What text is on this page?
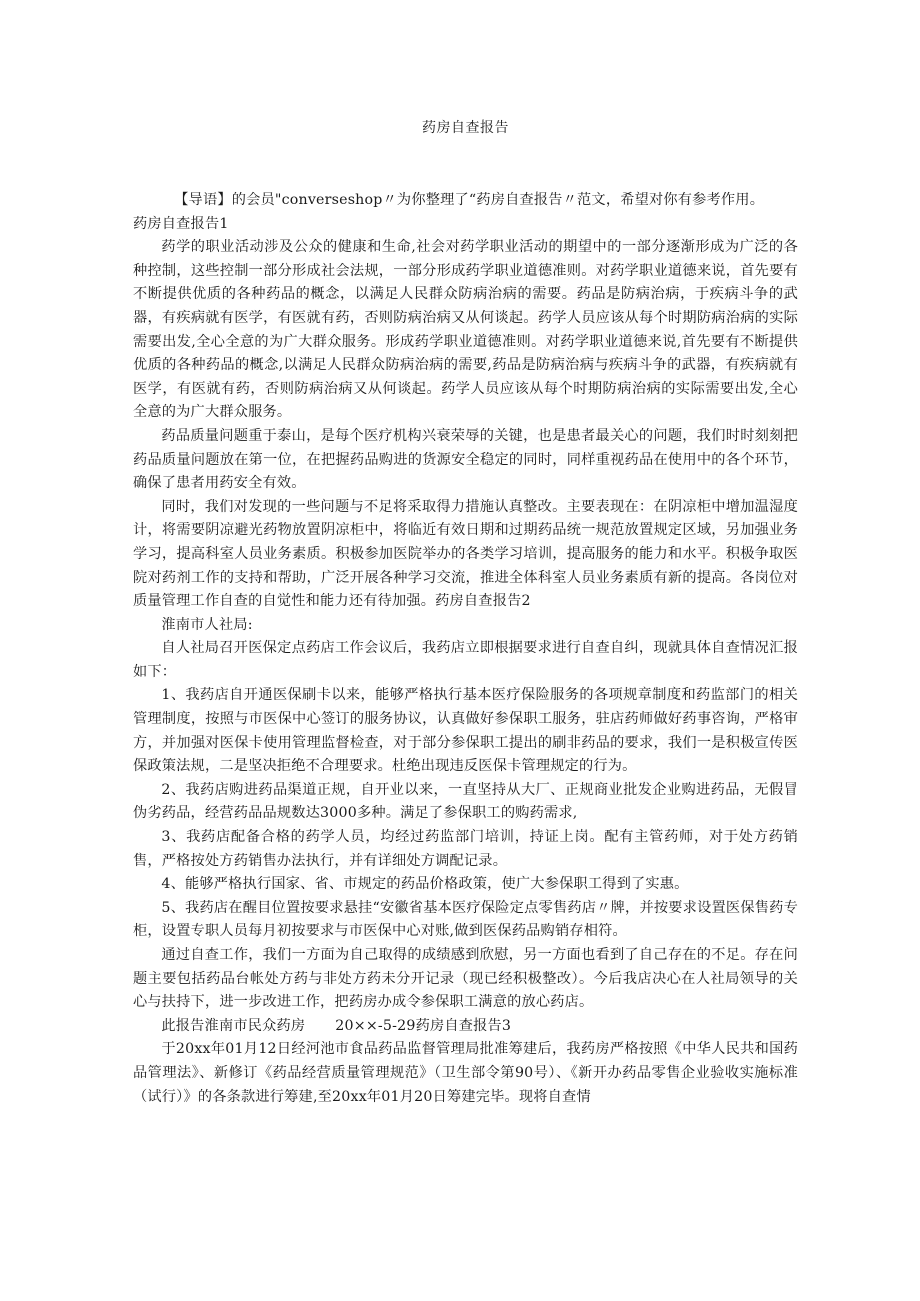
药房自查报告

【导语】的会员"converseshop〃为你整理了“药房自查报告〃范文，希望对你有参考作用。

药房自查报告1

药学的职业活动涉及公众的健康和生命,社会对药学职业活动的期望中的一部分逐渐形成为广泛的各种控制，这些控制一部分形成社会法规，一部分形成药学职业道德准则。对药学职业道德来说，首先要有不断提供优质的各种药品的概念，以满足人民群众防病治病的需要。药品是防病治病，于疾病斗争的武器，有疾病就有医学，有医就有药，否则防病治病又从何谈起。药学人员应该从每个时期防病治病的实际需要出发,全心全意的为广大群众服务。形成药学职业道德准则。对药学职业道德来说,首先要有不断提供优质的各种药品的概念,以满足人民群众防病治病的需要,药品是防病治病与疾病斗争的武器，有疾病就有医学，有医就有药，否则防病治病又从何谈起。药学人员应该从每个时期防病治病的实际需要出发,全心全意的为广大群众服务。

药品质量问题重于泰山，是每个医疗机构兴衰荣辱的关键，也是患者最关心的问题，我们时时刻刻把药品质量问题放在第一位，在把握药品购进的货源安全稳定的同时，同样重视药品在使用中的各个环节，确保了患者用药安全有效。

同时，我们对发现的一些问题与不足将采取得力措施认真整改。主要表现在：在阴凉柜中增加温湿度计，将需要阴凉避光药物放置阴凉柜中，将临近有效日期和过期药品统一规范放置规定区域，另加强业务学习，提高科室人员业务素质。积极参加医院举办的各类学习培训，提高服务的能力和水平。积极争取医院对药剂工作的支持和帮助，广泛开展各种学习交流，推进全体科室人员业务素质有新的提高。各岗位对质量管理工作自查的自觉性和能力还有待加强。药房自查报告2

淮南市人社局:

自人社局召开医保定点药店工作会议后，我药店立即根据要求进行自查自纠，现就具体自查情况汇报如下：

1、我药店自开通医保刷卡以来，能够严格执行基本医疗保险服务的各项规章制度和药监部门的相关管理制度，按照与市医保中心签订的服务协议，认真做好参保职工服务，驻店药师做好药事咨询，严格审方，并加强对医保卡使用管理监督检查，对于部分参保职工提出的刷非药品的要求，我们一是积极宣传医保政策法规，二是坚决拒绝不合理要求。杜绝出现违反医保卡管理规定的行为。

2、我药店购进药品渠道正规，自开业以来，一直坚持从大厂、正规商业批发企业购进药品，无假冒伪劣药品，经营药品品规数达3000多种。满足了参保职工的购药需求,

3、我药店配备合格的药学人员，均经过药监部门培训，持证上岗。配有主管药师，对于处方药销售，严格按处方药销售办法执行，并有详细处方调配记录。

4、能够严格执行国家、省、市规定的药品价格政策，使广大参保职工得到了实惠。

5、我药店在醒目位置按要求悬挂“安徽省基本医疗保险定点零售药店〃牌，并按要求设置医保售药专柜，设置专职人员每月初按要求与市医保中心对账,做到医保药品购销存相符。

通过自查工作，我们一方面为自己取得的成绩感到欣慰，另一方面也看到了自己存在的不足。存在问题主要包括药品台帐处方药与非处方药未分开记录（现已经积极整改）。今后我店决心在人社局领导的关心与扶持下，进一步改进工作，把药房办成令参保职工满意的放心药店。

此报告淮南市民众药房 20××-5-29药房自查报告3

于20xx年01月12日经河池市食品药品监督管理局批准筹建后，我药房严格按照《中华人民共和国药品管理法》、新修订《药品经营质量管理规范》（卫生部令第90号）、《新开办药品零售企业验收实施标准（试行）》的各条款进行筹建,至20xx年01月20日筹建完毕。现将自查情
